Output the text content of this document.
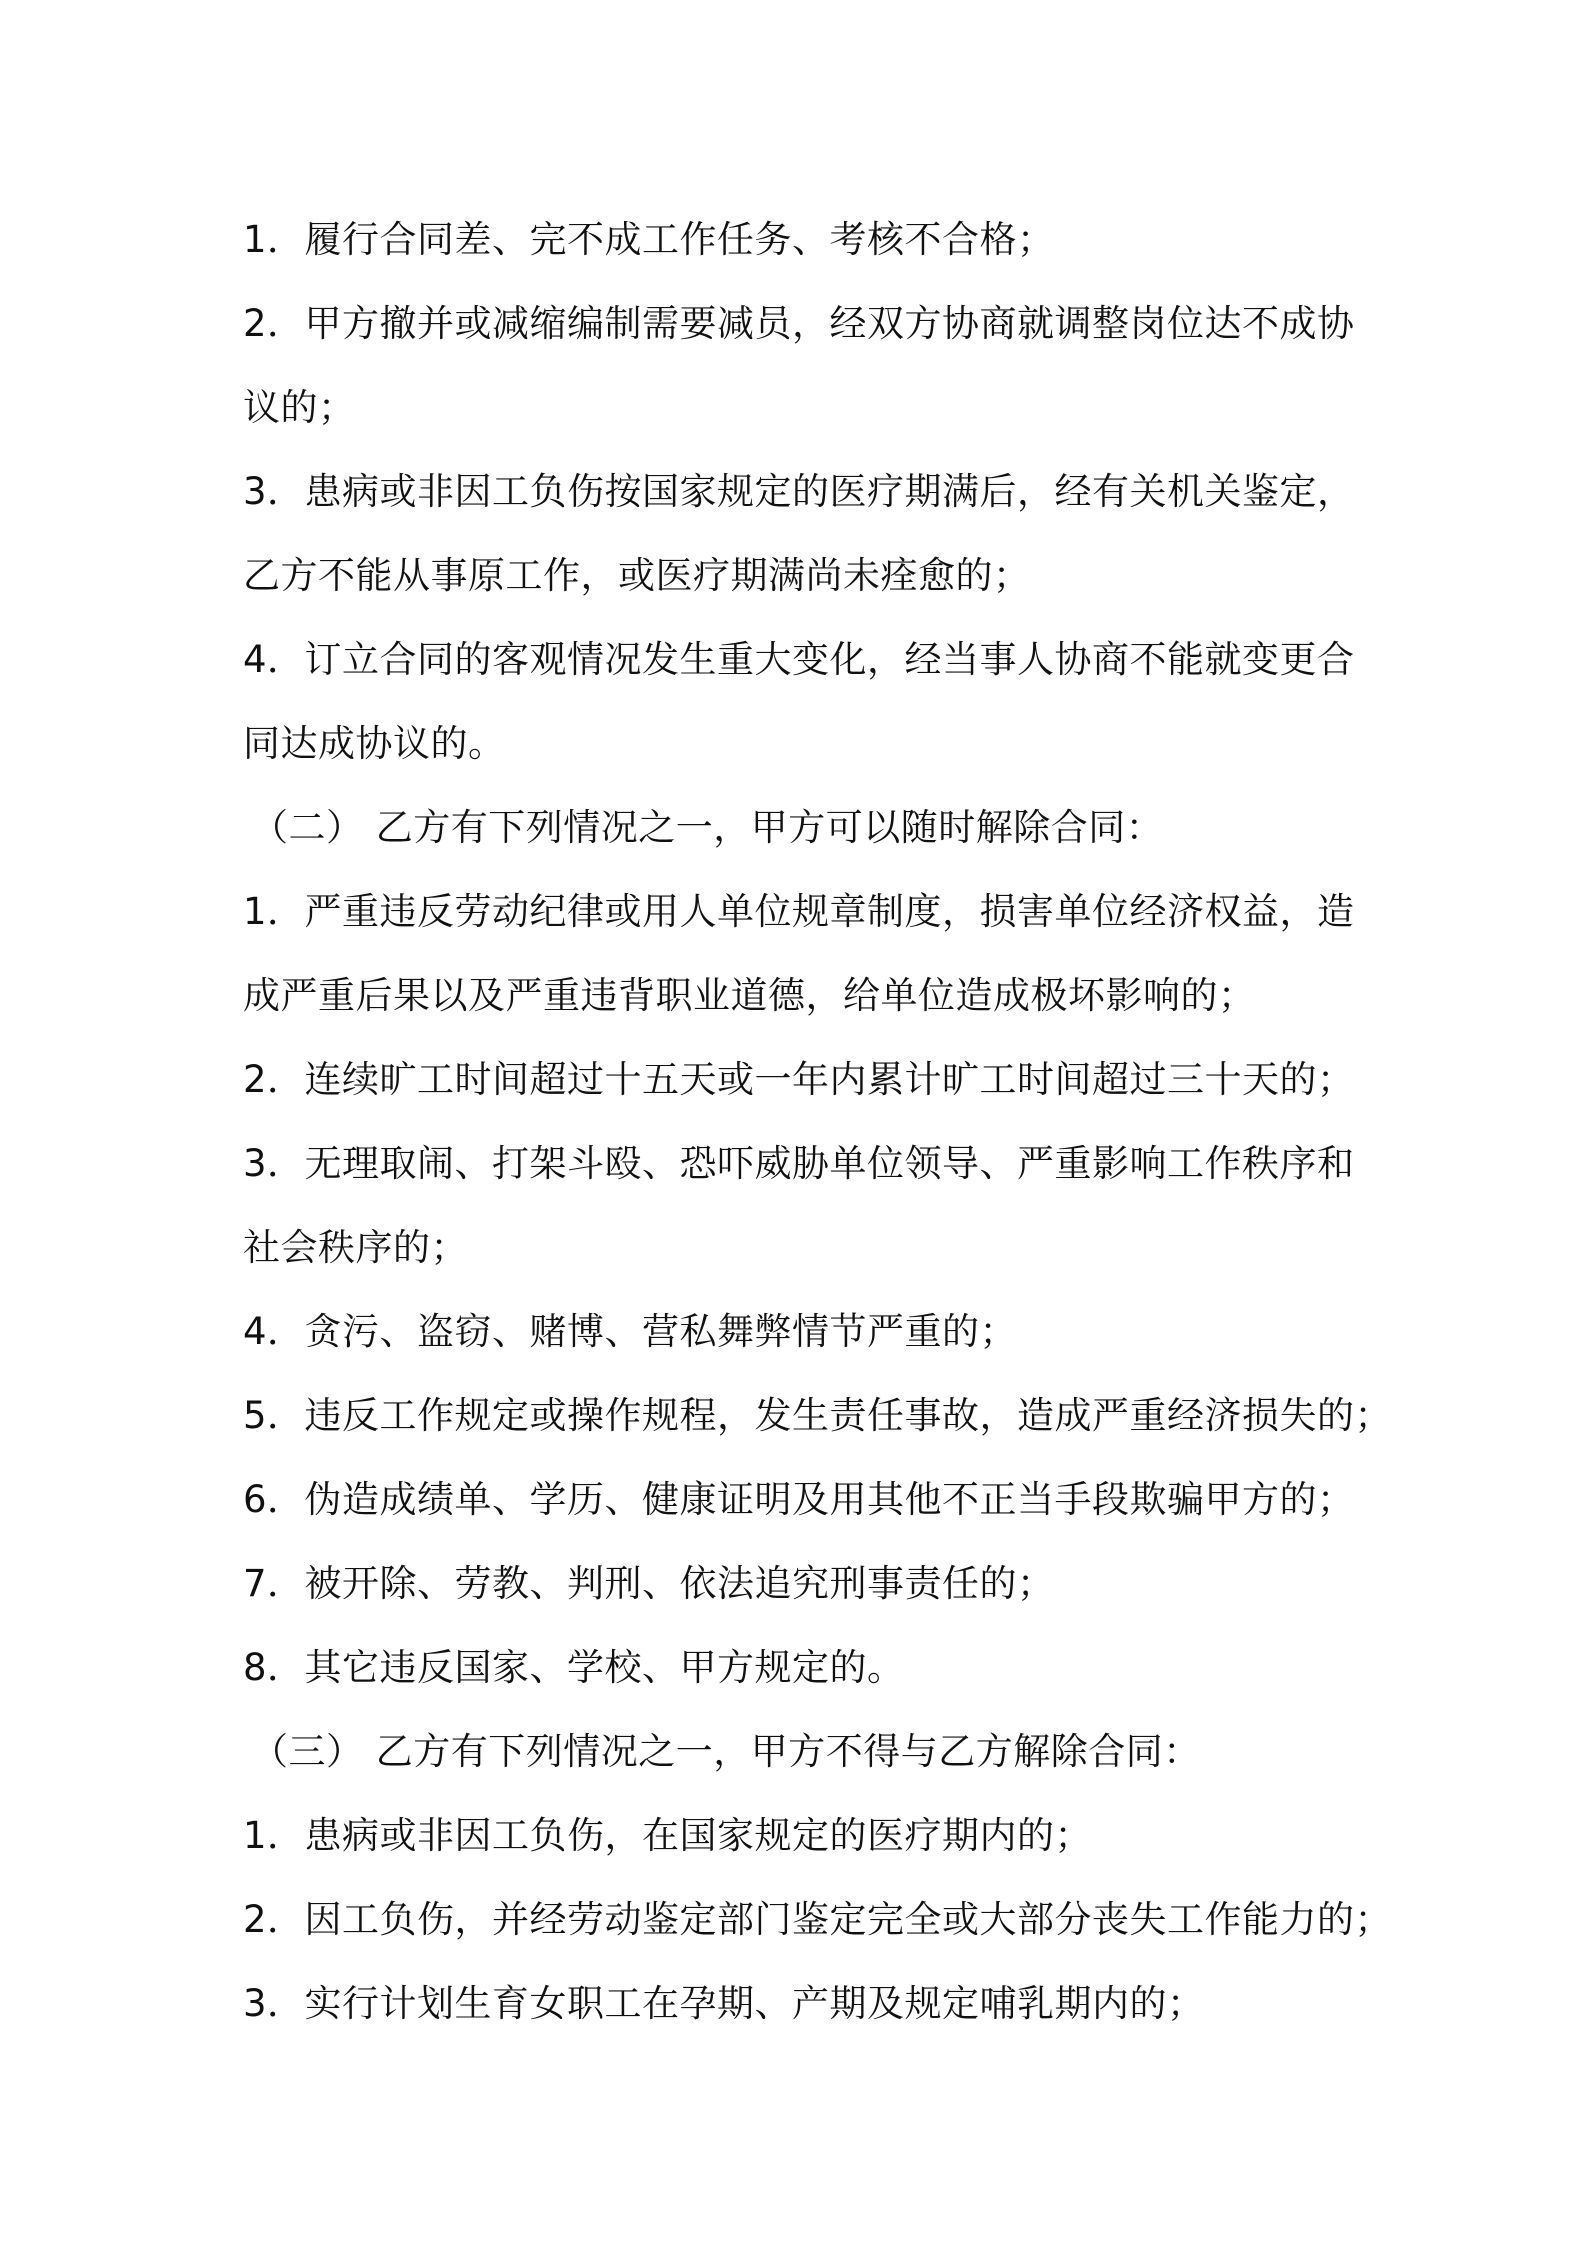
1．履行合同差、完不成工作任务、考核不合格；
2．甲方撤并或减缩编制需要减员，经双方协商就调整岗位达不成协
议的；
3．患病或非因工负伤按国家规定的医疗期满后，经有关机关鉴定，
乙方不能从事原工作，或医疗期满尚未痊愈的；
4．订立合同的客观情况发生重大变化，经当事人协商不能就变更合
同达成协议的。
（二） 乙方有下列情况之一，甲方可以随时解除合同：
1．严重违反劳动纪律或用人单位规章制度，损害单位经济权益，造
成严重后果以及严重违背职业道德，给单位造成极坏影响的；
2．连续旷工时间超过十五天或一年内累计旷工时间超过三十天的；
3．无理取闹、打架斗殴、恐吓威胁单位领导、严重影响工作秩序和
社会秩序的；
4．贪污、盗窃、赌博、营私舞弊情节严重的；
5．违反工作规定或操作规程，发生责任事故，造成严重经济损失的；
6．伪造成绩单、学历、健康证明及用其他不正当手段欺骗甲方的；
7．被开除、劳教、判刑、依法追究刑事责任的；
8．其它违反国家、学校、甲方规定的。
（三） 乙方有下列情况之一，甲方不得与乙方解除合同：
1．患病或非因工负伤，在国家规定的医疗期内的；
2．因工负伤，并经劳动鉴定部门鉴定完全或大部分丧失工作能力的；
3．实行计划生育女职工在孕期、产期及规定哺乳期内的；
